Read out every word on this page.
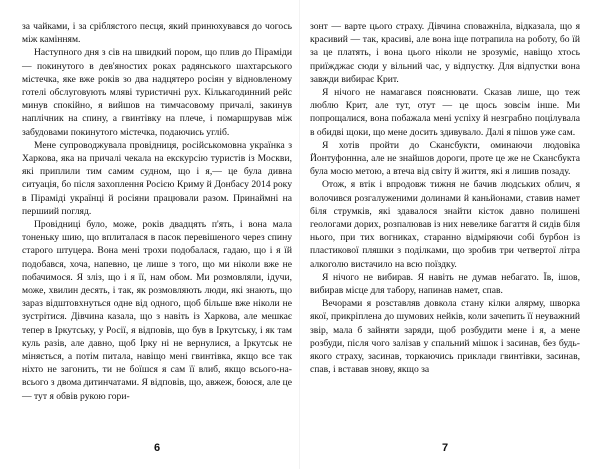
за чайками, і за сріблястого песця, який принюхувався до чогось між камінням.

Наступного дня з сів на швидкий пором, що плив до Піраміди — покинутого в дев'яностих роках радянського шахтарського містечка, яке вже років зо два надцятеро росіян у відновленому готелі обслуговують мляві туристичні рух. Кількагодинний рейс минув спокійно, я вийшов на тимчасовому причалі, закинув наплічник на спину, а гвинтівку на плече, і помаршрував між забудовами покинутого містечка, подаючись угліб.

Мене супроводжувала провідниця, російськомовна українка з Харкова, яка на причалі чекала на екскурсію туристів із Москви, які приплили тим самим судном, що і я,— це була дивна ситуація, бо після захоплення Росією Криму й Донбасу 2014 року в Піраміді українці й росіяни працювали разом. Принаймні на першиий погляд.

Провідниці було, може, років двадцять п'ять, і вона мала тоненьку шию, що вплиталася в пасок перевішеного через спину старого штуцера. Вона мені трохи подобалася, гадаю, що і я їй подобався, хоча, напевно, це лише з того, що ми ніколи вже не побачимося. Я зліз, що і я її, нам обом. Ми розмовляли, ідучи, може, хвилин десять, і так, як розмовляють люди, які знають, що зараз відштовхнуться одне від одного, щоб більше вже ніколи не зустрітися. Дівчина казала, що з навіть із Харкова, але мешкає тепер в Іркутську, у Росії, я відповів, що був в Іркутську, і як там куль разів, але давно, щоб Ірку ні не вернулися, а Іркутськ не міняється, а потім питала, навіщо мені гвинтівка, якщо все так ніхто не загонить, ти не боїшся я сам її влиб, якщо всього-на-всього з двома дитинчатами. Я відповів, що, авжеж, боюся, але це — тут я обвів рукою гори-

6

зонт — варте цього страху. Дівчина споважніла, відказала, що я красивий — так, красиві, але вона іще потрапила на роботу, бо їй за це платять, і вона цього ніколи не зрозуміє, навіщо хтось приїжджає сюди у вільний час, у відпустку. Для відпустки вона завжди вибирає Крит.

Я нічого не намагався пояснювати. Сказав лише, що теж люблю Крит, але тут, отут — це щось зовсім інше. Ми попрощалися, вона побажала мені успіху й незграбно поцілувала в обидві щоки, що мене досить здивувало. Далі я пішов уже сам.

Я хотів пройти до Скансбукти, оминаючи людовіка Йонтуфоннна, але не знайшов дороги, проте це же не Скансбукта була мосю метою, а втеча від світу й життя, які я лишив позаду.

Отож, я втік і впродовж тижня не бачив людських облич, я волочився розгалуженими долинами й каньйонами, ставив намет біля струмків, які здавалося знайти кісток давно полишені геологами дорих, розпалював із них невелике багаття й сидів біля нього, при тих вогниках, старанно відміряючи собі бурбон із пластикової пляшки з поділками, що зробив три четвертої літра алкоголю вистачило на всю поїздку.

Я нічого не вибирав. Я навіть не думав небагато. Їв, ішов, вибирав місце для табору, напинав намет, спав.

Вечорами я розставляв довкола стану кілки алярму, шворка якої, прикріплена до шумових нейків, коли зачепить її неуважний звір, мала б зайняти заряди, щоб розбудити мене і я, а мене розбуди, після чого залізав у спальний мішок і засинав, без будь-якого страху, засинав, торкаючись приклади гвинтівки, засинав, спав, і вставав знову, якщо за

7
